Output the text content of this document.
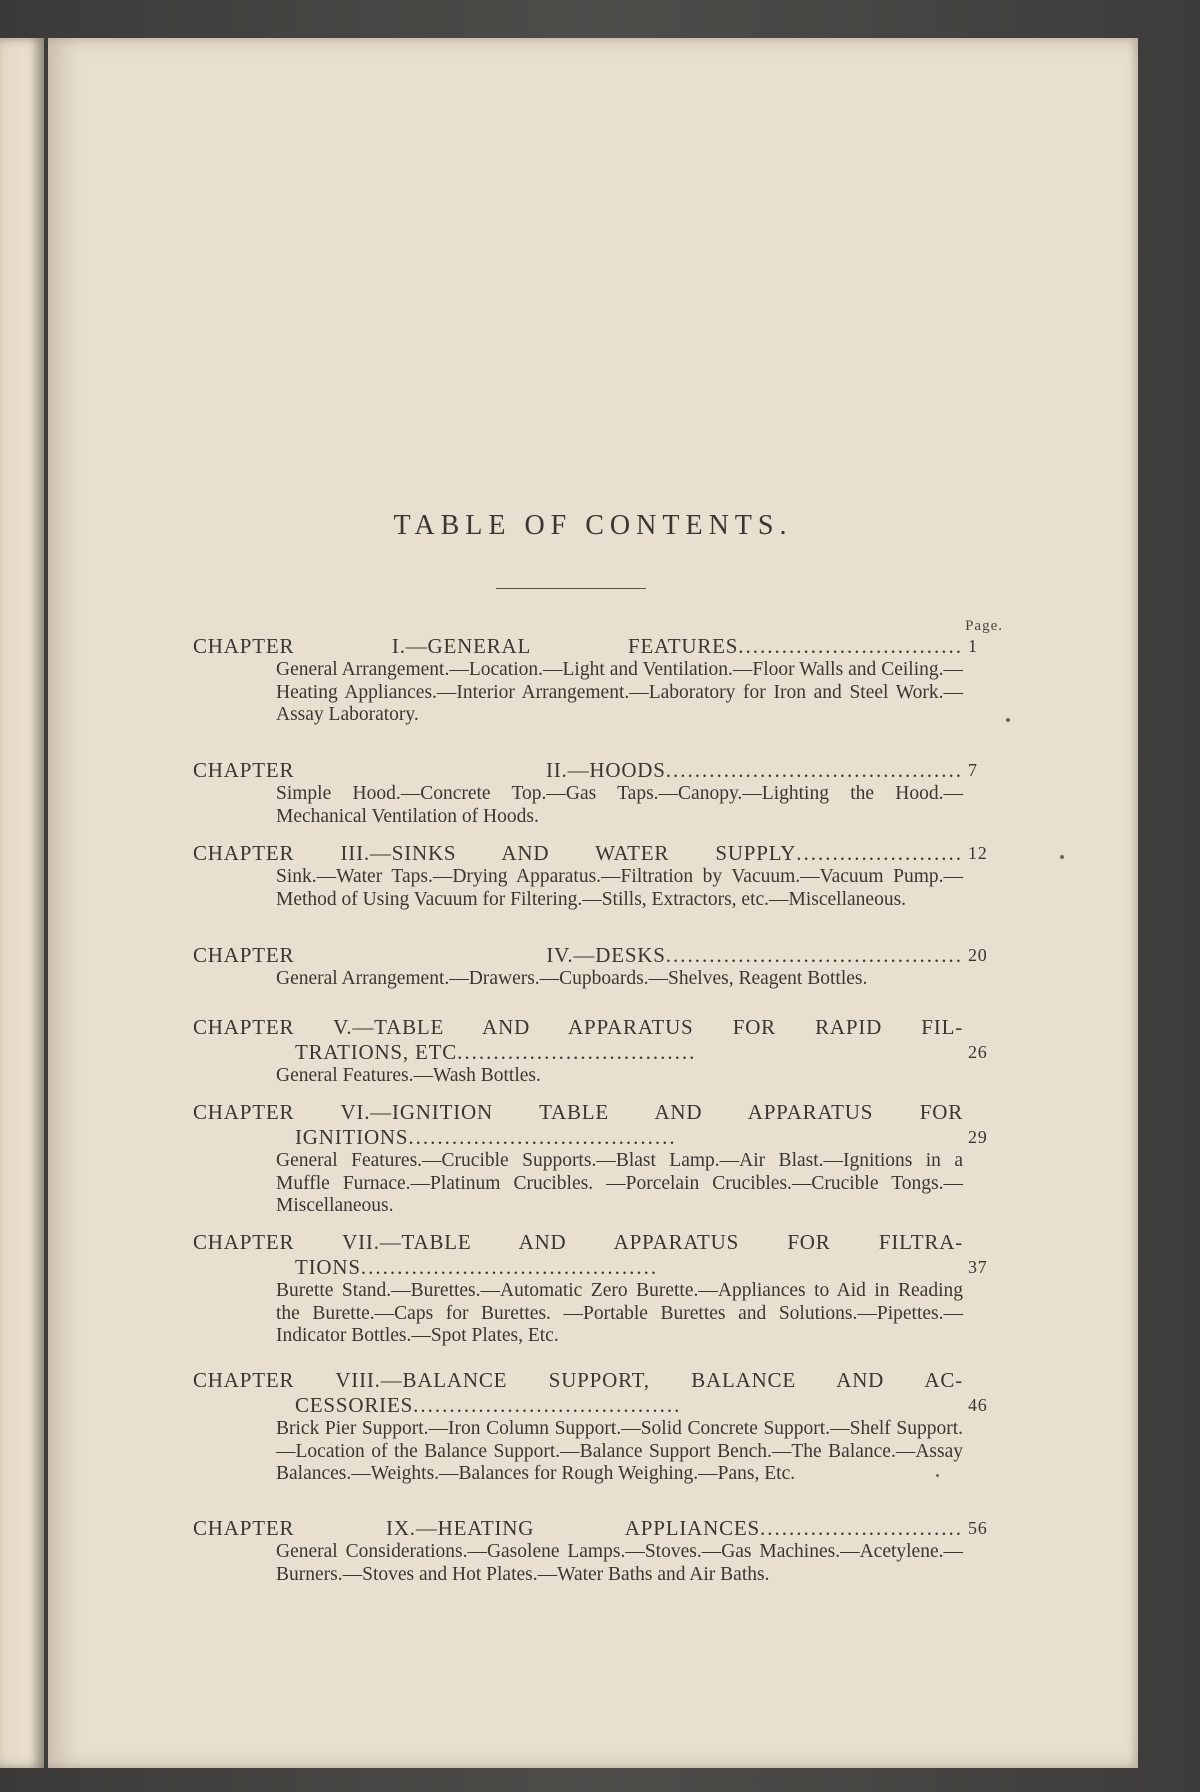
TABLE OF CONTENTS.
Page.
CHAPTER I.—GENERAL FEATURES............................... 1
General Arrangement.—Location.—Light and Ventilation.—Floor Walls and Ceiling.—Heating Appliances.—Interior Arrangement.—Laboratory for Iron and Steel Work.—Assay Laboratory.
CHAPTER II.—HOODS......................................... 7
Simple Hood.—Concrete Top.—Gas Taps.—Canopy.—Lighting the Hood.—Mechanical Ventilation of Hoods.
CHAPTER III.—SINKS AND WATER SUPPLY....................... 12
Sink.—Water Taps.—Drying Apparatus.—Filtration by Vacuum.—Vacuum Pump.—Method of Using Vacuum for Filtering.—Stills, Extractors, etc.—Miscellaneous.
CHAPTER IV.—DESKS......................................... 20
General Arrangement.—Drawers.—Cupboards.—Shelves, Reagent Bottles.
CHAPTER V.—TABLE AND APPARATUS FOR RAPID FIL-
TRATIONS, ETC.................................	26
General Features.—Wash Bottles.
CHAPTER VI.—IGNITION TABLE AND APPARATUS FOR
IGNITIONS.....................................	29
General Features.—Crucible Supports.—Blast Lamp.—Air Blast.—Ignitions in a Muffle Furnace.—Platinum Crucibles. —Porcelain Crucibles.—Crucible Tongs.—Miscellaneous.
CHAPTER VII.—TABLE AND APPARATUS FOR FILTRA-
TIONS.........................................	37
Burette Stand.—Burettes.—Automatic Zero Burette.—Appliances to Aid in Reading the Burette.—Caps for Burettes. —Portable Burettes and Solutions.—Pipettes.—Indicator Bottles.—Spot Plates, Etc.
CHAPTER VIII.—BALANCE SUPPORT, BALANCE AND AC-
CESSORIES.....................................	46
Brick Pier Support.—Iron Column Support.—Solid Concrete Support.—Shelf Support.—Location of the Balance Support.—Balance Support Bench.—The Balance.—Assay Balances.—Weights.—Balances for Rough Weighing.—Pans, Etc.
CHAPTER IX.—HEATING APPLIANCES............................ 56
General Considerations.—Gasolene Lamps.—Stoves.—Gas Machines.—Acetylene.—Burners.—Stoves and Hot Plates.—Water Baths and Air Baths.
